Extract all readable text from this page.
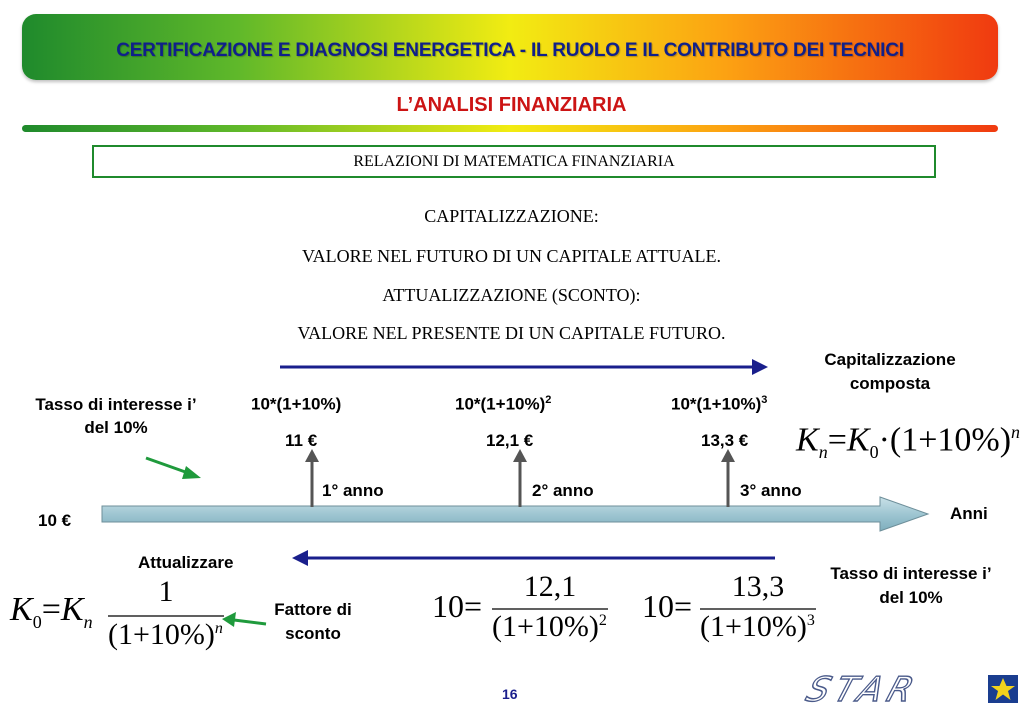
CERTIFICAZIONE E DIAGNOSI ENERGETICA - IL RUOLO E IL CONTRIBUTO DEI TECNICI
L’ANALISI FINANZIARIA
RELAZIONI DI MATEMATICA FINANZIARIA
CAPITALIZZAZIONE:
VALORE NEL FUTURO DI UN CAPITALE ATTUALE.
ATTUALIZZAZIONE (SCONTO):
VALORE NEL PRESENTE DI UN CAPITALE FUTURO.
Tasso di interesse i’ del 10%
10 €	Anni
Capitalizzazione composta
10*(1+10%)	$10*(1+10\%)^2$	$10*(1+10\%)^3$
11 €	12,1 €	13,3 €
1° anno	2° anno	3° anno
Attualizzare
Fattore di sconto
Tasso di interesse i’ del 10%
$K_n=K_0\cdot(1+10\%)^n$
$K_0=K_n$
1
$(1+10\%)^n$
10=
12,1
$(1+10\%)^2$ 10=
13,3
$(1+10\%)^3$
16	STAR
